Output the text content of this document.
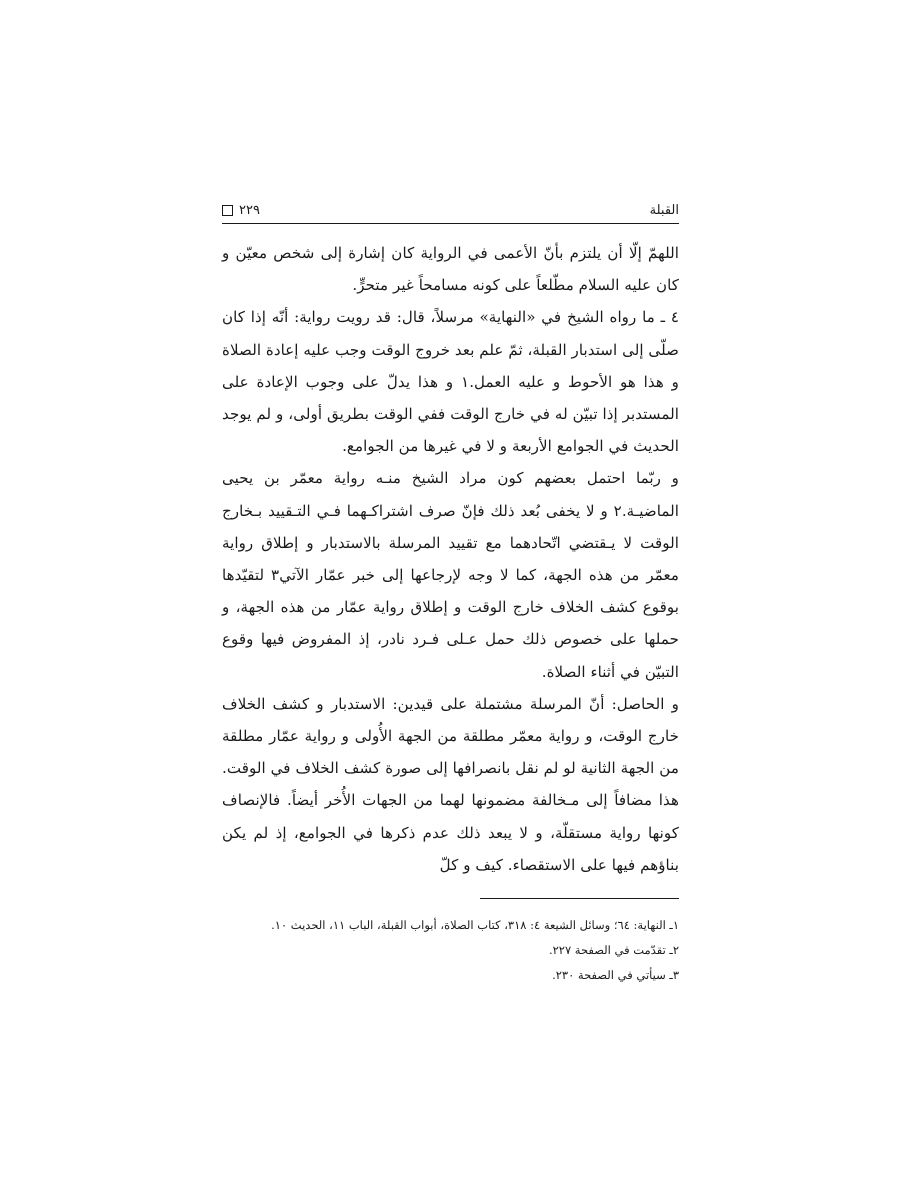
القبلة
٢٢٩

اللهمّ إلّا أن يلتزم بأنّ الأعمى في الرواية كان إشارة إلى شخص معيّن و كان عليه السلام مطّلعاً على كونه مسامحاً غير متحرٍّ.

٤ ـ ما رواه الشيخ في «النهاية» مرسلاً، قال: قد رويت رواية: أنّه إذا كان صلّى إلى استدبار القبلة، ثمّ علم بعد خروج الوقت وجب عليه إعادة الصلاة و هذا هو الأحوط و عليه العمل.١ و هذا يدلّ على وجوب الإعادة على المستدبر إذا تبيّن له في خارج الوقت ففي الوقت بطريق أولى، و لم يوجد الحديث في الجوامع الأربعة و لا في غيرها من الجوامع.

و ربّما احتمل بعضهم كون مراد الشيخ منـه رواية معمّر بن يحيى الماضيـة.٢ و لا يخفى بُعد ذلك فإنّ صرف اشتراكـهما فـي التـقييد بـخارج الوقت لا يـقتضي اتّحادهما مع تقييد المرسلة بالاستدبار و إطلاق رواية معمّر من هذه الجهة، كما لا وجه لإرجاعها إلى خبر عمّار الآتي٣ لتقيّدها بوقوع كشف الخلاف خارج الوقت و إطلاق رواية عمّار من هذه الجهة، و حملها على خصوص ذلك حمل عـلى فـرد نادر، إذ المفروض فيها وقوع التبيّن في أثناء الصلاة.

و الحاصل: أنّ المرسلة مشتملة على قيدين: الاستدبار و كشف الخلاف خارج الوقت، و رواية معمّر مطلقة من الجهة الأُولى و رواية عمّار مطلقة من الجهة الثانية لو لم نقل بانصرافها إلى صورة كشف الخلاف في الوقت. هذا مضافاً إلى مـخالفة مضمونها لهما من الجهات الأُخر أيضاً. فالإنصاف كونها رواية مستقلّة، و لا يبعد ذلك عدم ذكرها في الجوامع، إذ لم يكن بناؤهم فيها على الاستقصاء. كيف و كلّ

١ـ النهاية: ٦٤؛ وسائل الشيعة ٤: ٣١٨، كتاب الصلاة، أبواب القبلة، الباب ١١، الحديث ١٠.
٢ـ تقدّمت في الصفحة ٢٢٧.
٣ـ سيأتي في الصفحة ٢٣٠.
